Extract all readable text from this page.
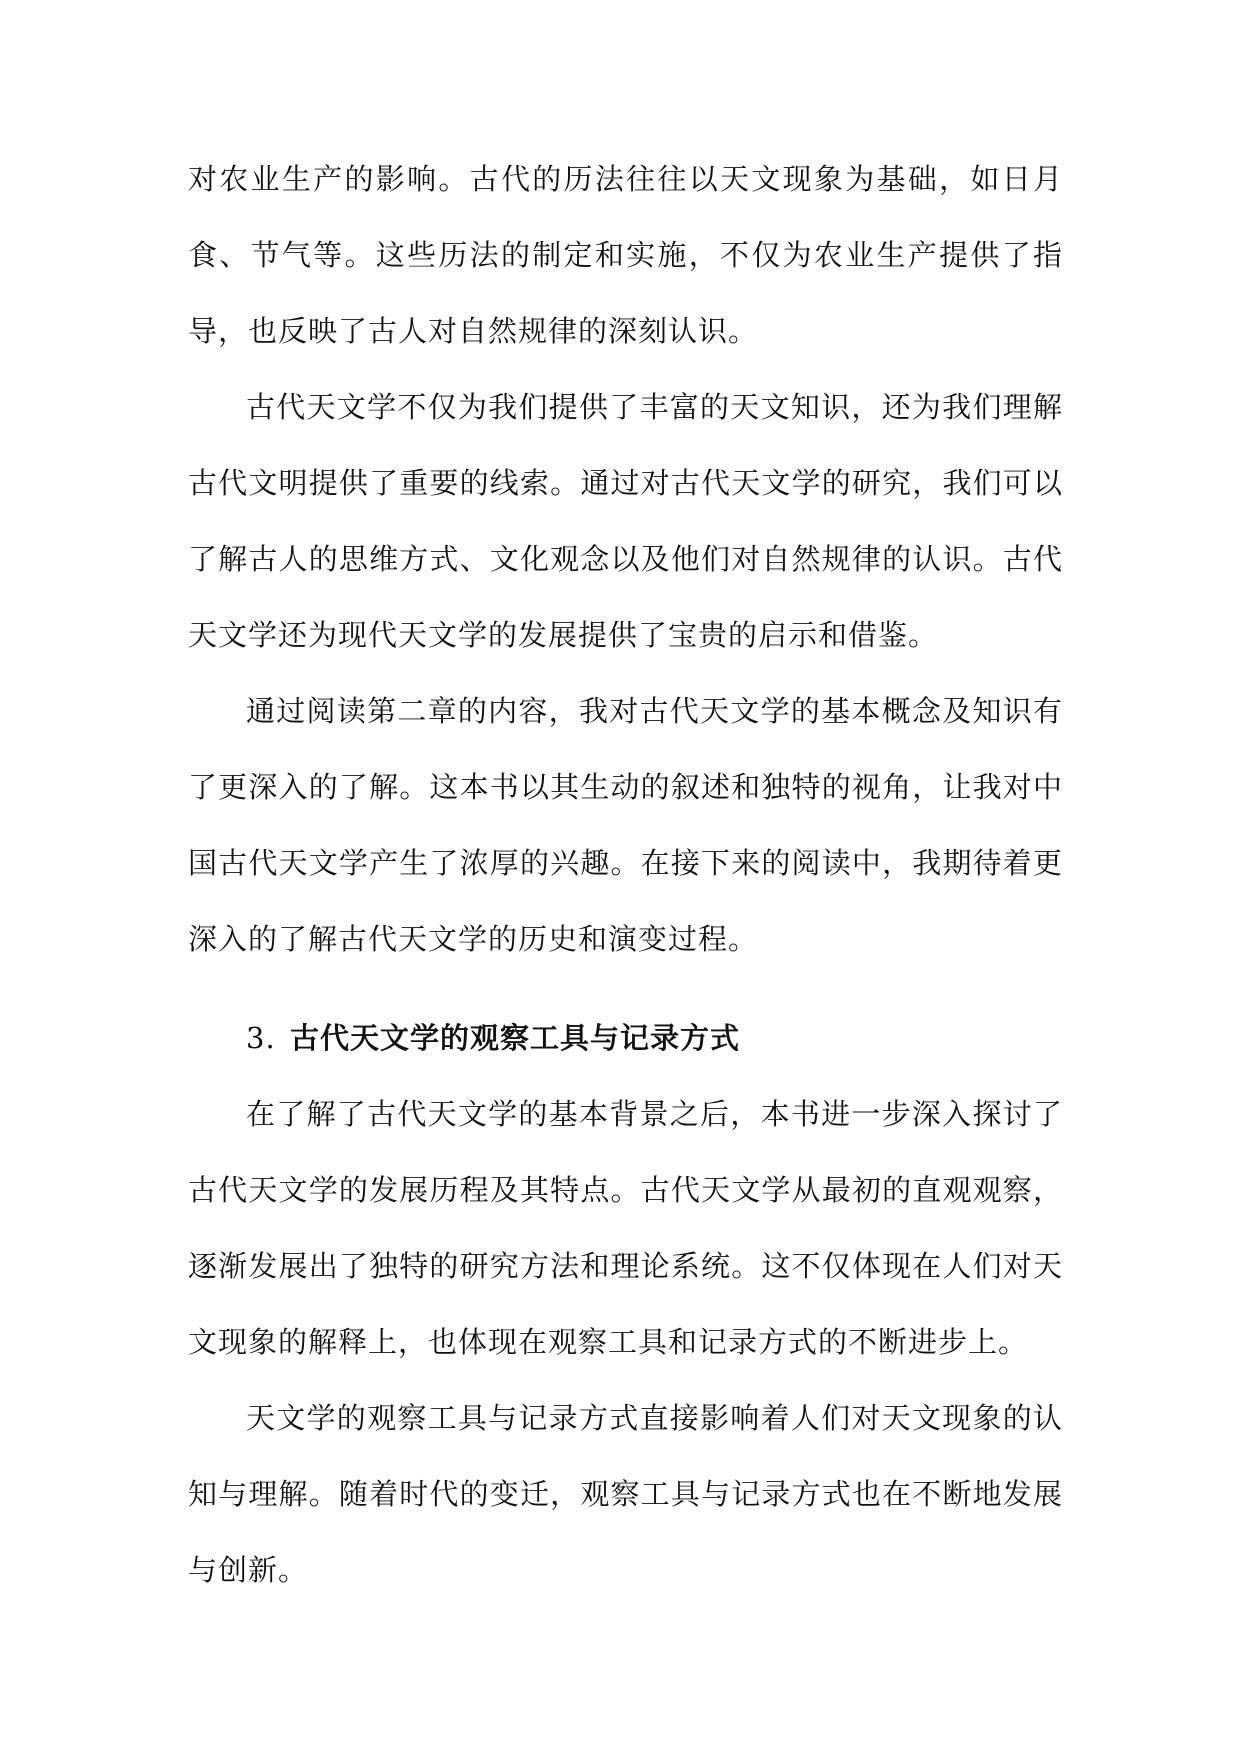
对农业生产的影响。古代的历法往往以天文现象为基础，如日月食、节气等。这些历法的制定和实施，不仅为农业生产提供了指导，也反映了古人对自然规律的深刻认识。

古代天文学不仅为我们提供了丰富的天文知识，还为我们理解古代文明提供了重要的线索。通过对古代天文学的研究，我们可以了解古人的思维方式、文化观念以及他们对自然规律的认识。古代天文学还为现代天文学的发展提供了宝贵的启示和借鉴。

通过阅读第二章的内容，我对古代天文学的基本概念及知识有了更深入的了解。这本书以其生动的叙述和独特的视角，让我对中国古代天文学产生了浓厚的兴趣。在接下来的阅读中，我期待着更深入的了解古代天文学的历史和演变过程。

3. 古代天文学的观察工具与记录方式

在了解了古代天文学的基本背景之后，本书进一步深入探讨了古代天文学的发展历程及其特点。古代天文学从最初的直观观察，逐渐发展出了独特的研究方法和理论系统。这不仅体现在人们对天文现象的解释上，也体现在观察工具和记录方式的不断进步上。

天文学的观察工具与记录方式直接影响着人们对天文现象的认知与理解。随着时代的变迁，观察工具与记录方式也在不断地发展与创新。
